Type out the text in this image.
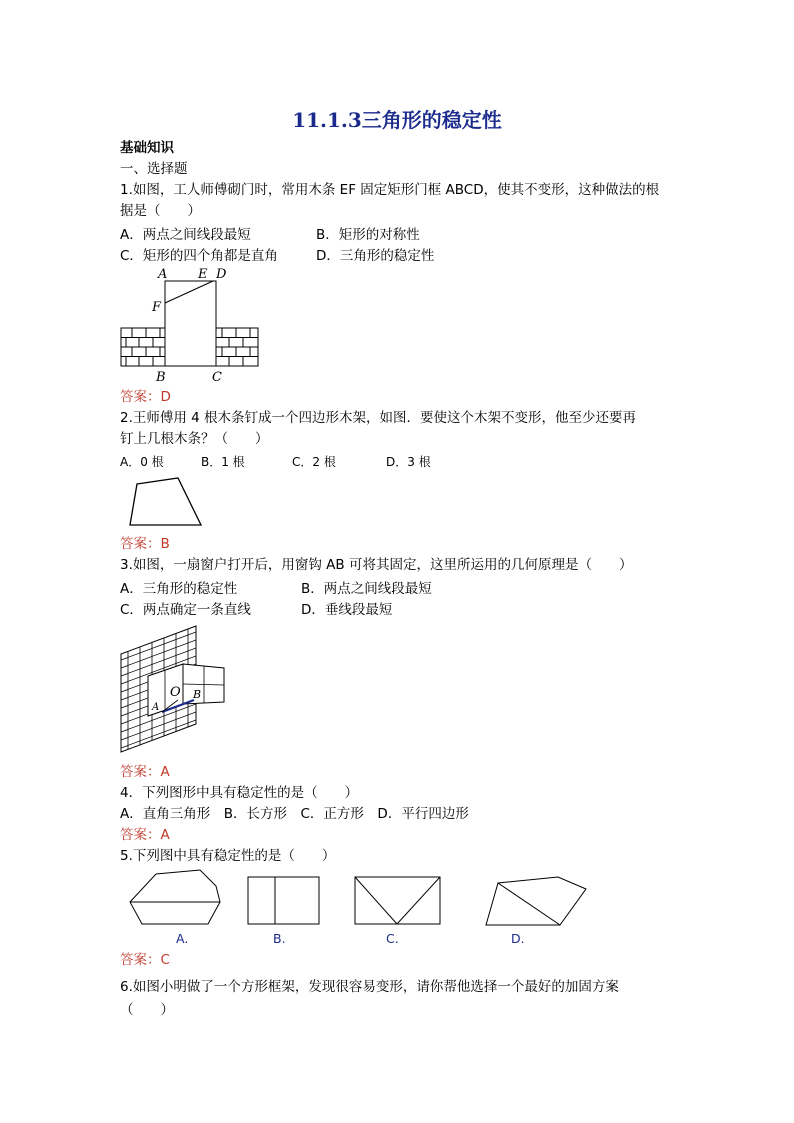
11.1.3三角形的稳定性
基础知识
一、选择题
1.如图，工人师傅砌门时，常用木条 EF 固定矩形门框 ABCD，使其不变形，这种做法的根
据是（　　）
A．两点之间线段最短	B．矩形的对称性
C．矩形的四个角都是直角	D．三角形的稳定性
A E D
F
B	C
答案：D
2.王师傅用 4 根木条钉成一个四边形木架，如图．要使这个木架不变形，他至少还要再
钉上几根木条？（　　）
A．0 根	B．1 根	C．2 根	D．3 根
答案：B
3.如图，一扇窗户打开后，用窗钩 AB 可将其固定，这里所运用的几何原理是（　　）
A．三角形的稳定性	B．两点之间线段最短
C．两点确定一条直线	D．垂线段最短
A
O B
答案：A
4．下列图形中具有稳定性的是（　　）
A．直角三角形　B．长方形　C．正方形　D．平行四边形
答案：A
5.下列图中具有稳定性的是（　　）
A.	B.	C.	D.
答案：C
6.如图小明做了一个方形框架，发现很容易变形，请你帮他选择一个最好的加固方案
（　　）
